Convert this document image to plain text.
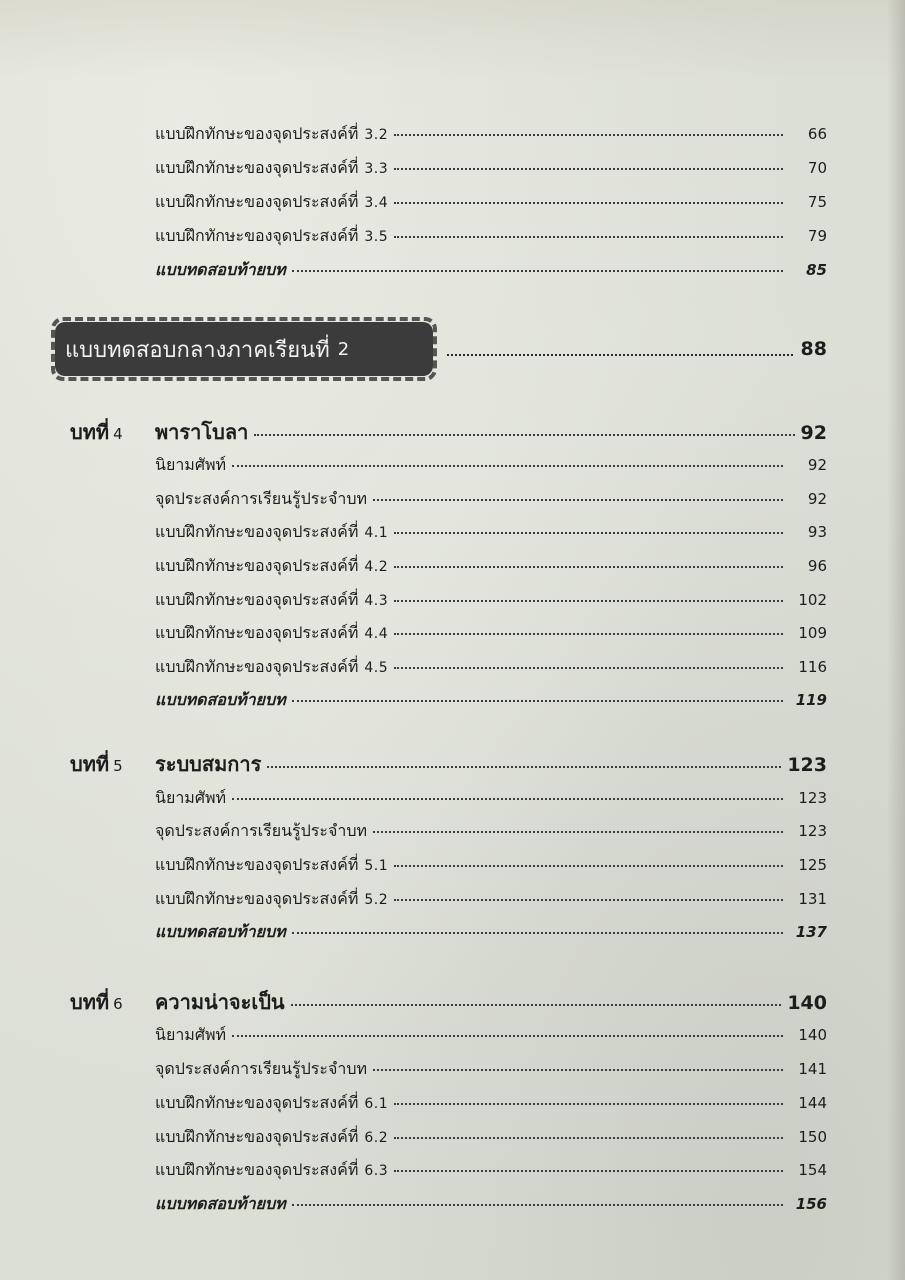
แบบฝึกทักษะของจุดประสงค์ที่ 3.2	66
แบบฝึกทักษะของจุดประสงค์ที่ 3.3	70
แบบฝึกทักษะของจุดประสงค์ที่ 3.4	75
แบบฝึกทักษะของจุดประสงค์ที่ 3.5	79
แบบทดสอบท้ายบท	85
แบบทดสอบกลางภาคเรียนที่ 2	88
บทที่ 4	พาราโบลา	92
นิยามศัพท์	92
จุดประสงค์การเรียนรู้ประจำบท	92
แบบฝึกทักษะของจุดประสงค์ที่ 4.1	93
แบบฝึกทักษะของจุดประสงค์ที่ 4.2	96
แบบฝึกทักษะของจุดประสงค์ที่ 4.3	102
แบบฝึกทักษะของจุดประสงค์ที่ 4.4	109
แบบฝึกทักษะของจุดประสงค์ที่ 4.5	116
แบบทดสอบท้ายบท	119
บทที่ 5	ระบบสมการ	123
นิยามศัพท์	123
จุดประสงค์การเรียนรู้ประจำบท	123
แบบฝึกทักษะของจุดประสงค์ที่ 5.1	125
แบบฝึกทักษะของจุดประสงค์ที่ 5.2	131
แบบทดสอบท้ายบท	137
บทที่ 6	ความน่าจะเป็น	140
นิยามศัพท์	140
จุดประสงค์การเรียนรู้ประจำบท	141
แบบฝึกทักษะของจุดประสงค์ที่ 6.1	144
แบบฝึกทักษะของจุดประสงค์ที่ 6.2	150
แบบฝึกทักษะของจุดประสงค์ที่ 6.3	154
แบบทดสอบท้ายบท	156
